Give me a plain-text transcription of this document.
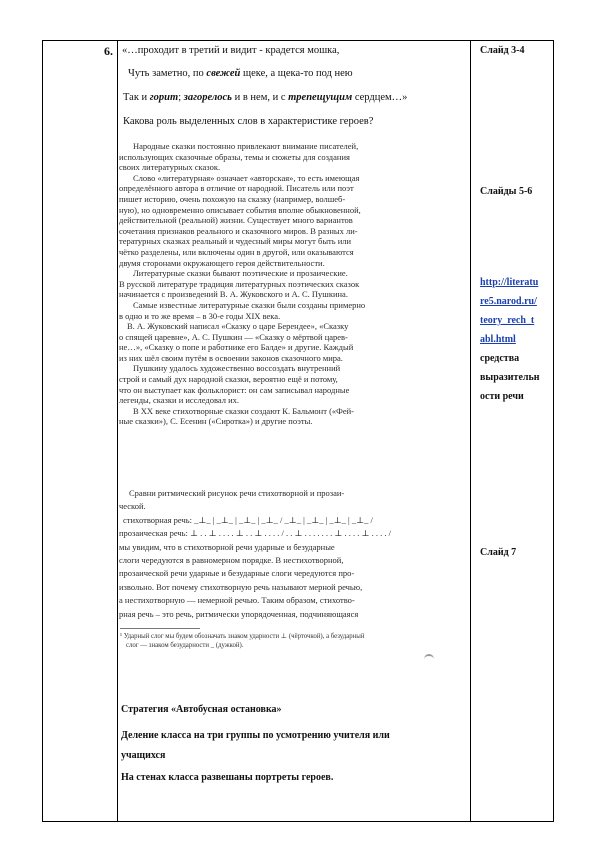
6. «…проходит в третий и видит - крадется мошка,
Чуть заметно, по свежей щеке, а щека-то под нею
Так и горит; загорелось и в нем, и с трепещущим сердцем…»
Какова роль выделенных слов в характеристике героев?

Народные сказки постоянно привлекают внимание писателей,

использующих сказочные образы, темы и сюжеты для создания

своих литературных сказок.

Слово «литературная» означает «авторская», то есть имеющая

определённого автора в отличие от народной. Писатель или поэт

пишет историю, очень похожую на сказку (например, волшеб-

ную), но одновременно описывает события вполне обыкновенной,

действительной (реальной) жизни. Существует много вариантов

сочетания признаков реального и сказочного миров. В разных ли-

тературных сказках реальный и чудесный миры могут быть или

чётко разделены, или включены один в другой, или оказываются

двумя сторонами окружающего героя действительности.

Литературные сказки бывают поэтические и прозаические.

В русской литературе традиция литературных поэтических сказок

начинается с произведений В. А. Жуковского и А. С. Пушкина.

Самые известные литературные сказки были созданы примерно

в одно и то же время – в 30-е годы XIX века.

В. А. Жуковский написал «Сказку о царе Берендее», «Сказку

о спящей царевне», А. С. Пушкин — «Сказку о мёртвой царев-

не…», «Сказку о попе и работнике его Балде» и другие. Каждый

из них шёл своим путём в освоении законов сказочного мира.

Пушкину удалось художественно воссоздать внутренний

строй и самый дух народной сказки, вероятно ещё и потому,

что он выступает как фольклорист: он сам записывал народные

легенды, сказки и исследовал их.

В XX веке стихотворные сказки создают К. Бальмонт («Фей-

ные сказки»), С. Есенин («Сиротка») и другие поэты.

Сравни ритмический рисунок речи стихотворной и прозаи-

ческой.

стихотворная речь: _⊥_ | _⊥_ | _⊥_ | _⊥_ / _⊥_ | _⊥_ | _⊥_ | _⊥_ /

прозаическая речь: ⊥ . . ⊥ . . . . ⊥ . . ⊥ . . . . / . . ⊥ . . . . . . . ⊥ . . . . ⊥ . . . . /

мы увидим, что в стихотворной речи ударные и безударные

слоги чередуются в равномерном порядке. В нестихотворной,

прозаической речи ударные и безударные слоги чередуются про-

извольно. Вот почему стихотворную речь называют мерной речью,

а нестихотворную — немерной речью. Таким образом, стихотво-

рная речь – это речь, ритмически упорядоченная, подчиняющаяся

¹ Ударный слог мы будем обозначать знаком ударности ⊥ (чёрточкой), а безударный
слог — знаком безударности _ (дужкой).
Слайд 3-4
Слайды 5-6
http://literatu
re5.narod.ru/
teory_rech_t
abl.html
средства
выразительн
ости речи
Слайд 7
Стратегия «Автобусная остановка»
Деление класса на три группы по усмотрению учителя или
учащихся
На стенах класса развешаны портреты героев.
